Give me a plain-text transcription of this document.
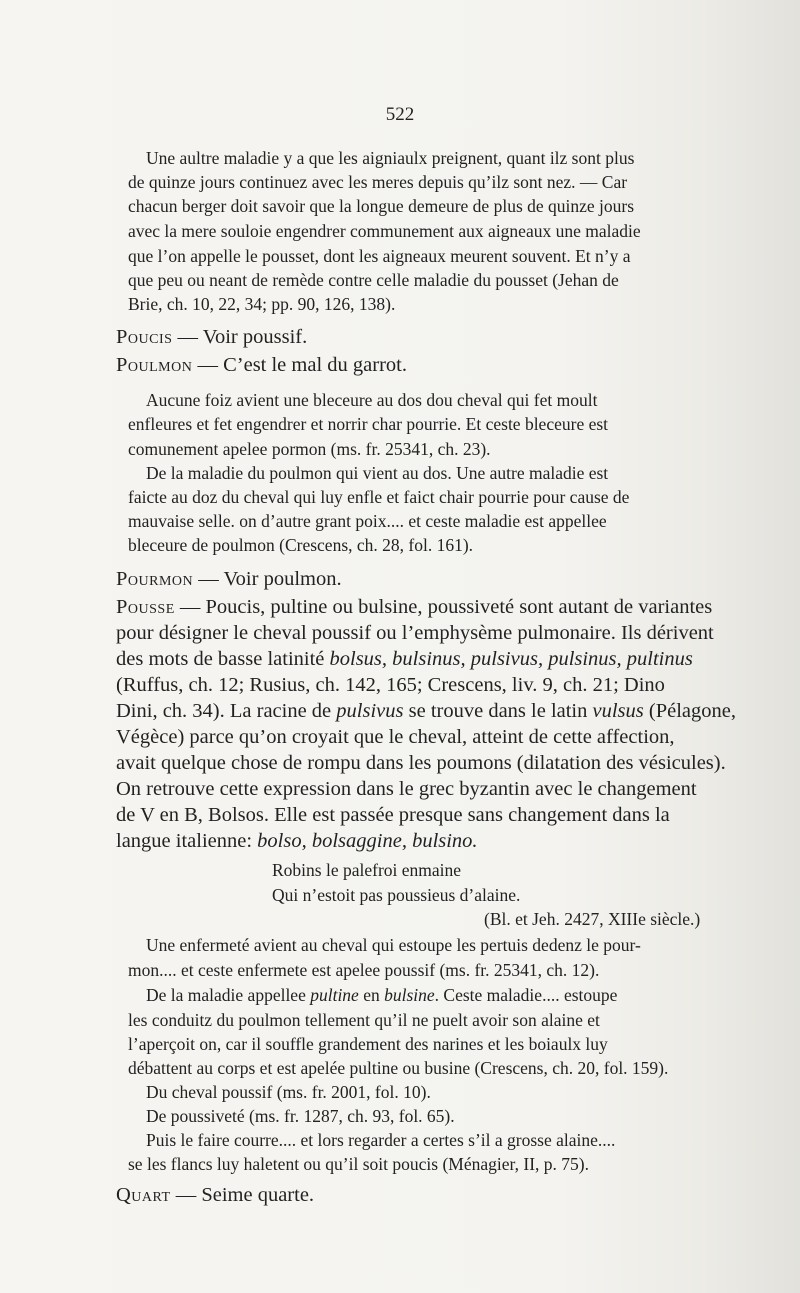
522
Une aultre maladie y a que les aigniaulx preignent, quant ilz sont plus
de quinze jours continuez avec les meres depuis qu’ilz sont nez. — Car
chacun berger doit savoir que la longue demeure de plus de quinze jours
avec la mere souloie engendrer communement aux aigneaux une maladie
que l’on appelle le pousset, dont les aigneaux meurent souvent. Et n’y a
que peu ou neant de remède contre celle maladie du pousset (Jehan de
Brie, ch. 10, 22, 34; pp. 90, 126, 138).
Poucis — Voir poussif.
Poulmon — C’est le mal du garrot.
Aucune foiz avient une bleceure au dos dou cheval qui fet moult
enfleures et fet engendrer et norrir char pourrie. Et ceste bleceure est
comunement apelee pormon (ms. fr. 25341, ch. 23).
De la maladie du poulmon qui vient au dos. Une autre maladie est
faicte au doz du cheval qui luy enfle et faict chair pourrie pour cause de
mauvaise selle. on d’autre grant poix.... et ceste maladie est appellee
bleceure de poulmon (Crescens, ch. 28, fol. 161).
Pourmon — Voir poulmon.
Pousse — Poucis, pultine ou bulsine, poussiveté sont autant de variantes
pour désigner le cheval poussif ou l’emphysème pulmonaire. Ils dérivent
des mots de basse latinité bolsus, bulsinus, pulsivus, pulsinus, pultinus
(Ruffus, ch. 12; Rusius, ch. 142, 165; Crescens, liv. 9, ch. 21; Dino
Dini, ch. 34). La racine de pulsivus se trouve dans le latin vulsus (Pélagone,
Végèce) parce qu’on croyait que le cheval, atteint de cette affection,
avait quelque chose de rompu dans les poumons (dilatation des vésicules).
On retrouve cette expression dans le grec byzantin avec le changement
de V en B, Bolsos. Elle est passée presque sans changement dans la
langue italienne: bolso, bolsaggine, bulsino.
Robins le palefroi enmaine
Qui n’estoit pas poussieus d’alaine.
(Bl. et Jeh. 2427, XIIIe siècle.)
Une enfermeté avient au cheval qui estoupe les pertuis dedenz le pour-
mon.... et ceste enfermete est apelee poussif (ms. fr. 25341, ch. 12).
De la maladie appellee pultine en bulsine. Ceste maladie.... estoupe
les conduitz du poulmon tellement qu’il ne puelt avoir son alaine et
l’aperçoit on, car il souffle grandement des narines et les boiaulx luy
débattent au corps et est apelée pultine ou busine (Crescens, ch. 20, fol. 159).
Du cheval poussif (ms. fr. 2001, fol. 10).
De poussiveté (ms. fr. 1287, ch. 93, fol. 65).
Puis le faire courre.... et lors regarder a certes s’il a grosse alaine....
se les flancs luy haletent ou qu’il soit poucis (Ménagier, II, p. 75).
Quart — Seime quarte.
